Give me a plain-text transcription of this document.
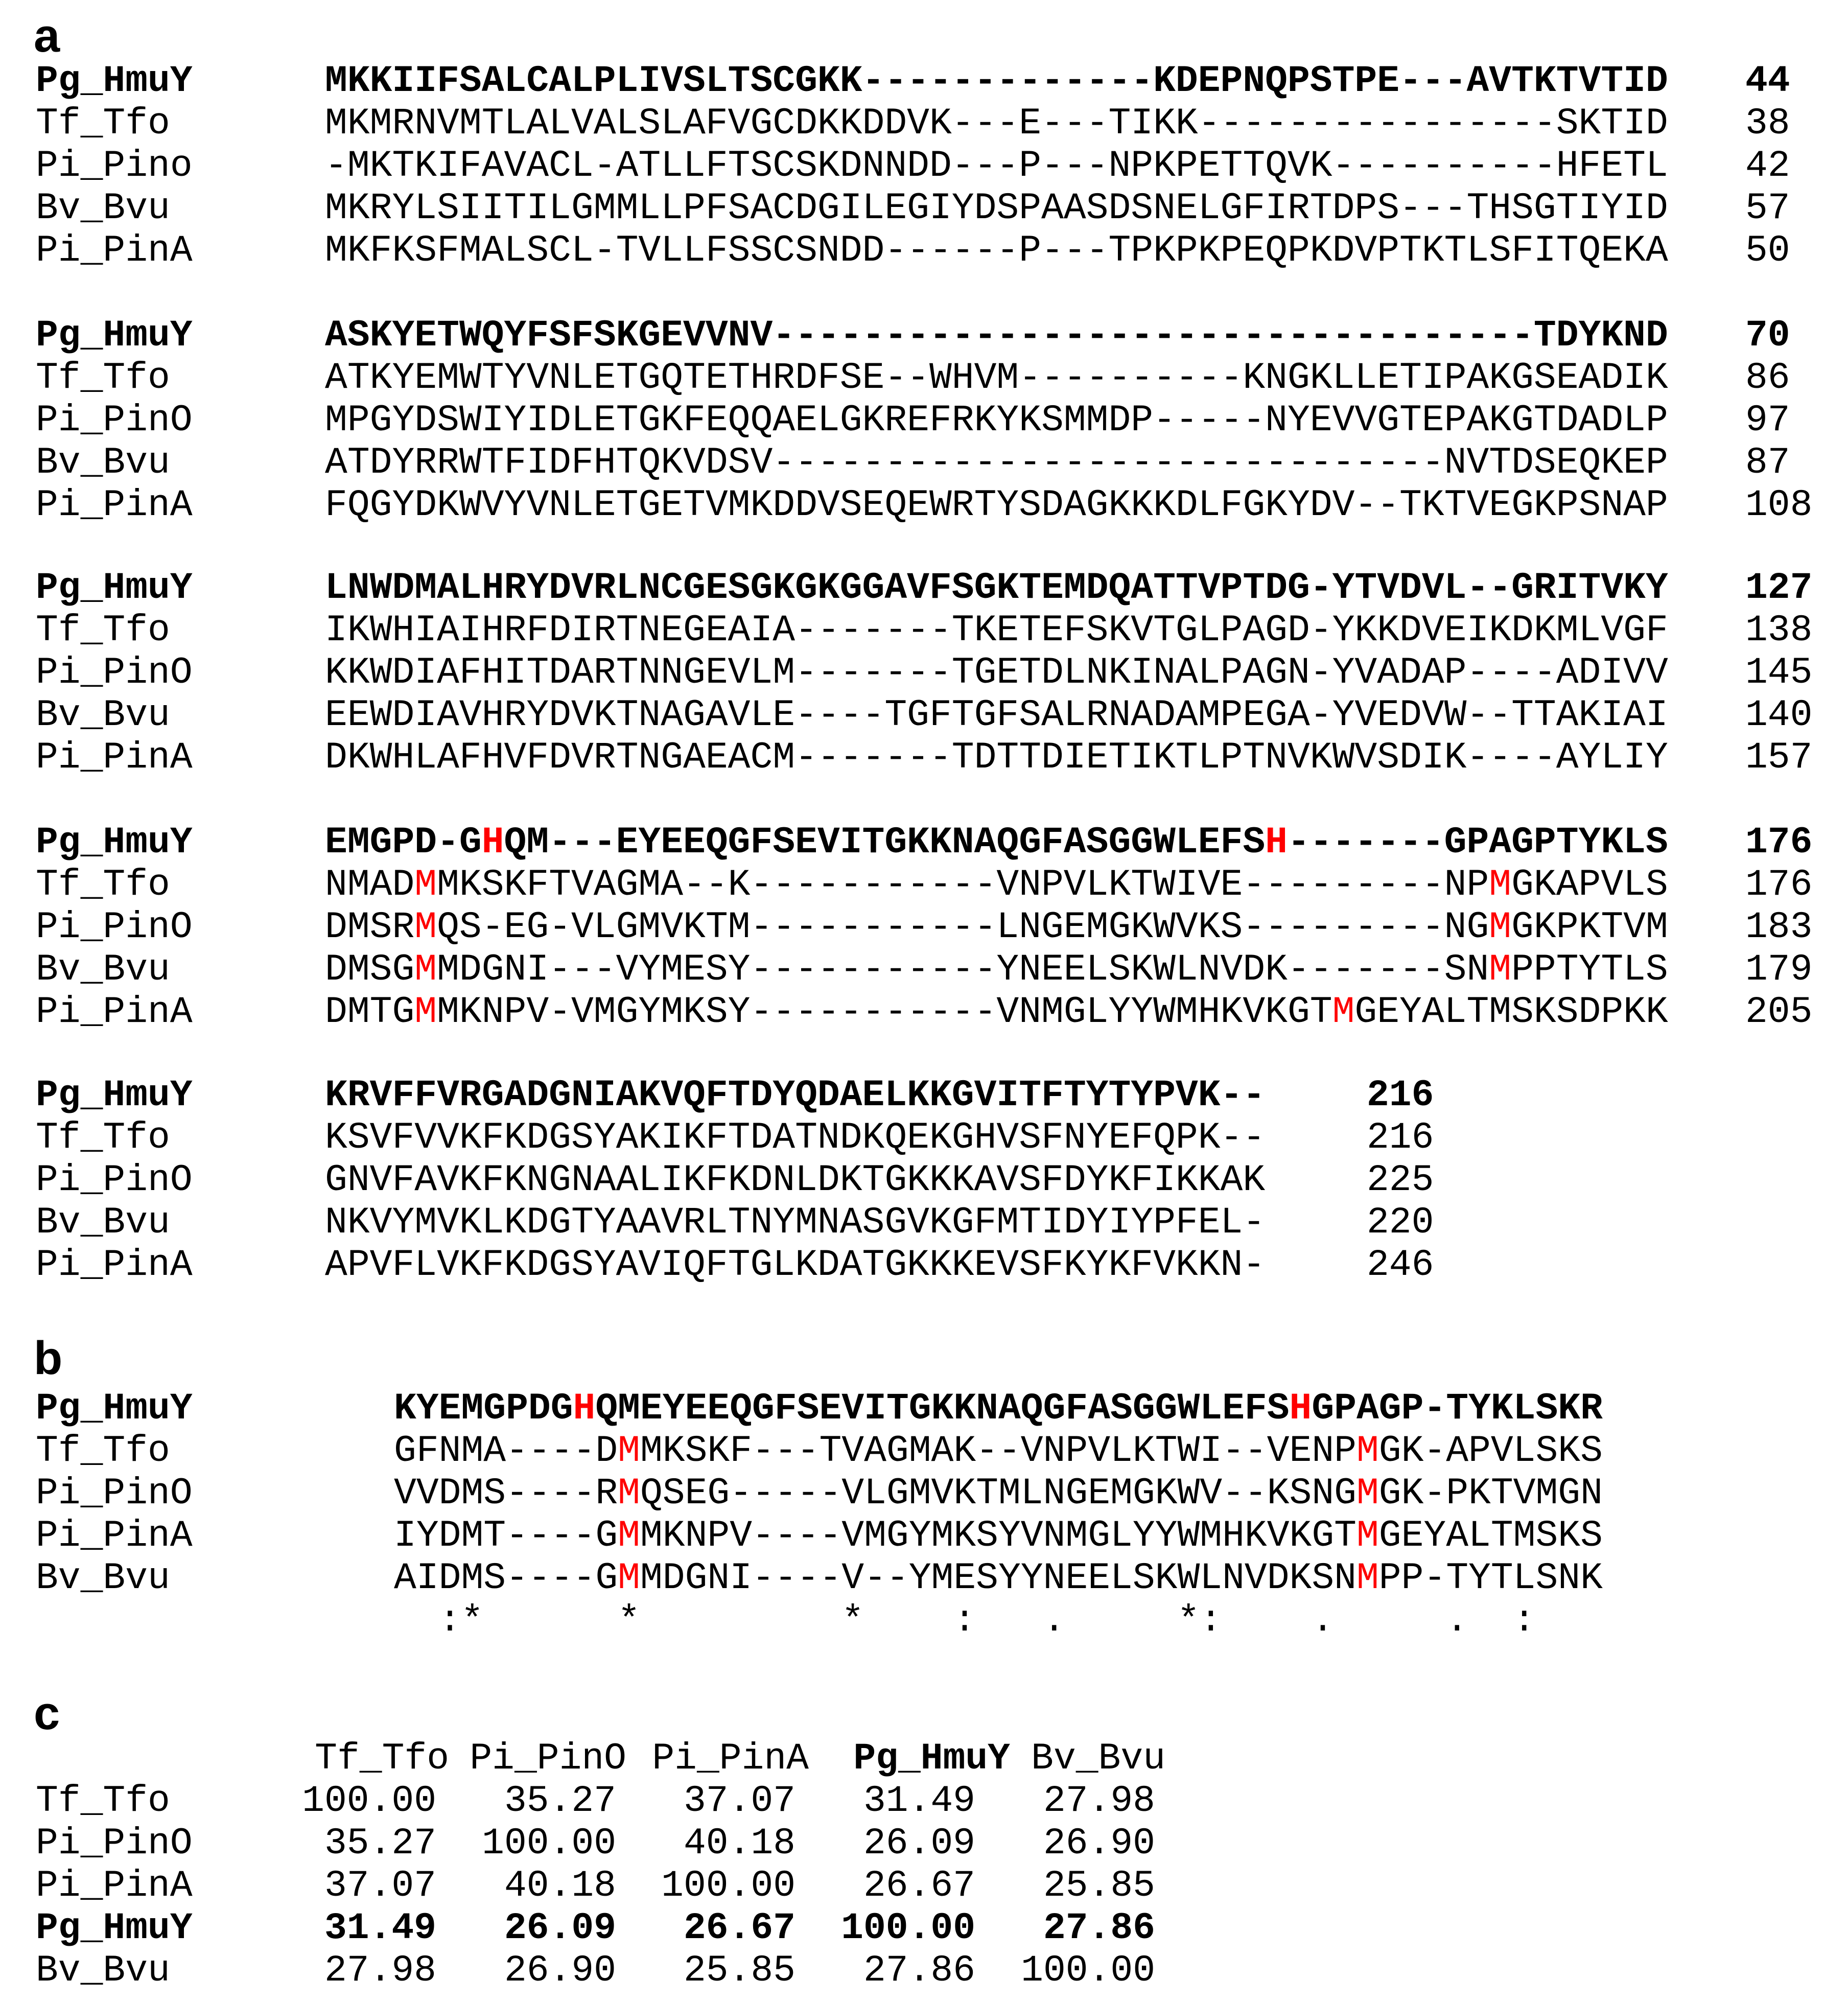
a
Pg_HmuY	MKKIIFSALCALPLIVSLTSCGKK-------------KDEPNQPSTPE---AVTKTVTID 44
Tf_Tfo	MKMRNVMTLALVALSLAFVGCDKKDDVK---E---TIKK----------------SKTID 38
Pi_Pino	-MKTKIFAVACL-ATLLFTSCSKDNNDD---P---NPKPETTQVK----------HFETL 42
Bv_Bvu	MKRYLSIITILGMMLLPFSACDGILEGIYDSPAASDSNELGFIRTDPS---THSGTIYID 57
Pi_PinA	MKFKSFMALSCL-TVLLFSSCSNDD------P---TPKPKPEQPKDVPTKTLSFITQEKA 50
Pg_HmuY	ASKYETWQYFSFSKGEVVNV----------------------------------TDYKND 70
Tf_Tfo	ATKYEMWTYVNLETGQTETHRDFSE--WHVM----------KNGKLLETIPAKGSEADIK 86
Pi_PinO	MPGYDSWIYIDLETGKFEQQAELGKREFRKYKSMMDP-----NYEVVGTEPAKGTDADLP 97
Bv_Bvu	ATDYRRWTFIDFHTQKVDSV------------------------------NVTDSEQKEP 87
Pi_PinA	FQGYDKWVYVNLETGETVMKDDVSEQEWRTYSDAGKKKDLFGKYDV--TKTVEGKPSNAP 108
Pg_HmuY	LNWDMALHRYDVRLNCGESGKGKGGAVFSGKTEMDQATTVPTDG-YTVDVL--GRITVKY 127
Tf_Tfo	IKWHIAIHRFDIRTNEGEAIA-------TKETEFSKVTGLPAGD-YKKDVEIKDKMLVGF 138
Pi_PinO	KKWDIAFHITDARTNNGEVLM-------TGETDLNKINALPAGN-YVADAP----ADIVV 145
Bv_Bvu	EEWDIAVHRYDVKTNAGAVLE----TGFTGFSALRNADAMPEGA-YVEDVW--TTAKIAI 140
Pi_PinA	DKWHLAFHVFDVRTNGAEACM-------TDTTDIETIKTLPTNVKWVSDIK----AYLIY 157
Pg_HmuY	EMGPD-GHQM---EYEEQGFSEVITGKKNAQGFASGGWLEFSH-------GPAGPTYKLS 176
Tf_Tfo	NMADMMKSKFTVAGMA--K-----------VNPVLKTWIVE---------NPMGKAPVLS 176
Pi_PinO	DMSRMQS-EG-VLGMVKTM-----------LNGEMGKWVKS---------NGMGKPKTVM 183
Bv_Bvu	DMSGMMDGNI---VYMESY-----------YNEELSKWLNVDK-------SNMPPTYTLS 179
Pi_PinA	DMTGMMKNPV-VMGYMKSY-----------VNMGLYYWMHKVKGTMGEYALTMSKSDPKK 205
Pg_HmuY	KRVFFVRGADGNIAKVQFTDYQDAELKKGVITFTYTYPVK--	216
Tf_Tfo	KSVFVVKFKDGSYAKIKFTDATNDKQEKGHVSFNYEFQPK--	216
Pi_PinO	GNVFAVKFKNGNAALIKFKDNLDKTGKKKAVSFDYKFIKKAK	225
Bv_Bvu	NKVYMVKLKDGTYAAVRLTNYMNASGVKGFMTIDYIYPFEL-	220
Pi_PinA	APVFLVKFKDGSYAVIQFTGLKDATGKKKEVSFKYKFVKKN-	246
b
Pg_HmuY	KYEMGPDGHQMEYEEQGFSEVITGKKNAQGFASGGWLEFSHGPAGP-TYKLSKR
Tf_Tfo	GFNMA----DMMKSKF---TVAGMAK--VNPVLKTWI--VENPMGK-APVLSKS
Pi_PinO	VVDMS----RMQSEG-----VLGMVKTMLNGEMGKWV--KSNGMGK-PKTVMGN
Pi_PinA	IYDMT----GMMKNPV----VMGYMKSYVNMGLYYWMHKVKGTMGEYALTMSKS
Bv_Bvu	AIDMS----GMMDGNI----V--YMESYYNEELSKWLNVDKSNMPP-TYTLSNK
:*      *         *    :   .     *:    .     .  :
c
Tf_Tfo Pi_PinO Pi_PinA	Pg_HmuY Bv_Bvu
Tf_Tfo	100.00	35.27	37.07	31.49	27.98
Pi_PinO	35.27	100.00	40.18	26.09	26.90
Pi_PinA	37.07	40.18	100.00	26.67	25.85
Pg_HmuY	31.49	26.09	26.67	100.00	27.86
Bv_Bvu	27.98	26.90	25.85	27.86	100.00
